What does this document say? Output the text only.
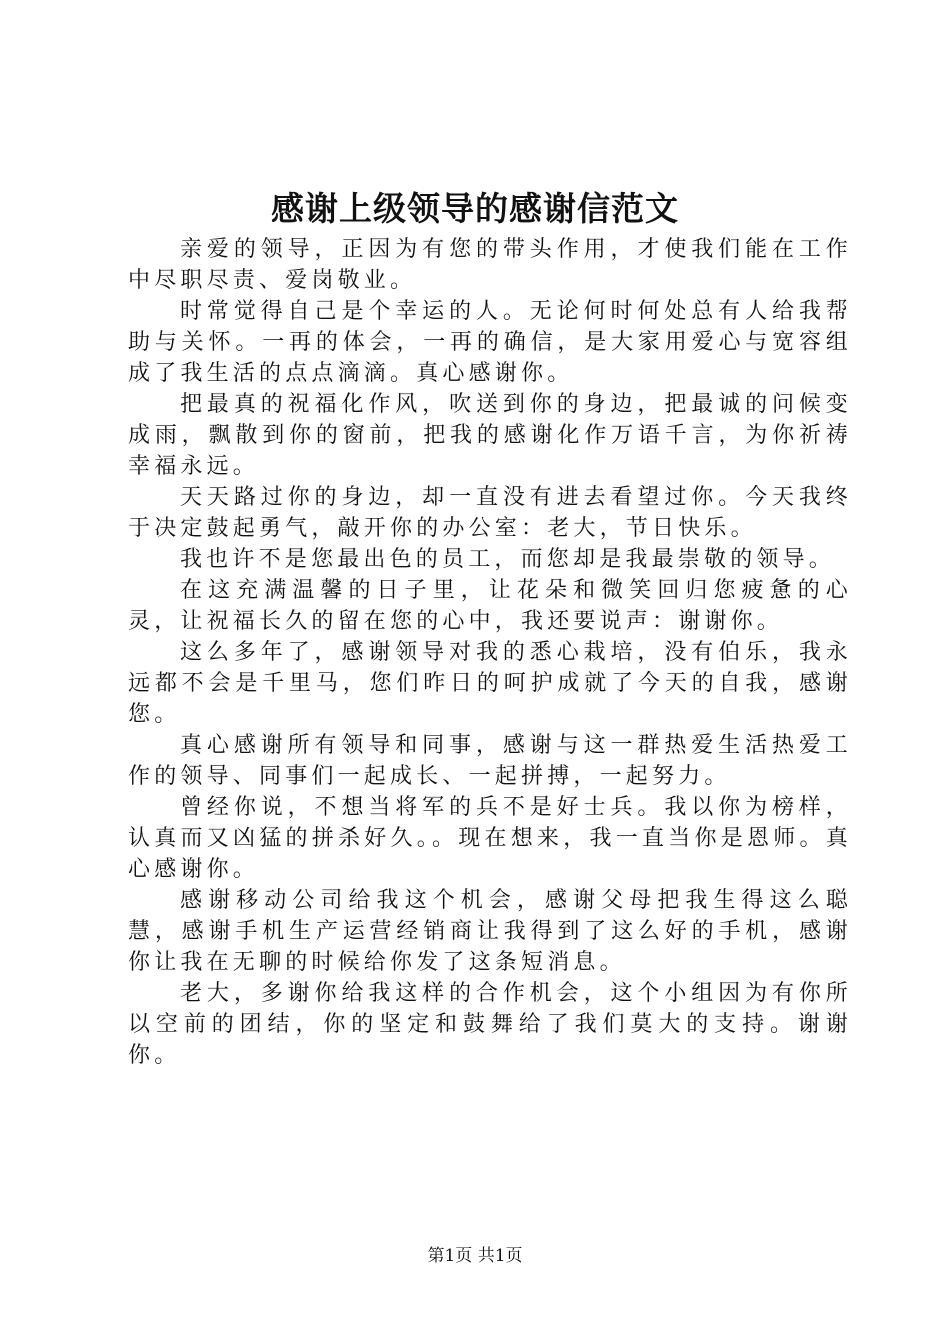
感谢上级领导的感谢信范文

亲爱的领导，正因为有您的带头作用，才使我们能在工作中尽职尽责、爱岗敬业。

时常觉得自己是个幸运的人。无论何时何处总有人给我帮助与关怀。一再的体会，一再的确信，是大家用爱心与宽容组成了我生活的点点滴滴。真心感谢你。

把最真的祝福化作风，吹送到你的身边，把最诚的问候变成雨，飘散到你的窗前，把我的感谢化作万语千言，为你祈祷幸福永远。

天天路过你的身边，却一直没有进去看望过你。今天我终于决定鼓起勇气，敲开你的办公室：老大，节日快乐。

我也许不是您最出色的员工，而您却是我最崇敬的领导。

在这充满温馨的日子里，让花朵和微笑回归您疲惫的心灵，让祝福长久的留在您的心中，我还要说声：谢谢你。

这么多年了，感谢领导对我的悉心栽培，没有伯乐，我永远都不会是千里马，您们昨日的呵护成就了今天的自我，感谢您。

真心感谢所有领导和同事，感谢与这一群热爱生活热爱工作的领导、同事们一起成长、一起拼搏，一起努力。

曾经你说，不想当将军的兵不是好士兵。我以你为榜样，认真而又凶猛的拼杀好久。。现在想来，我一直当你是恩师。真心感谢你。

感谢移动公司给我这个机会，感谢父母把我生得这么聪慧，感谢手机生产运营经销商让我得到了这么好的手机，感谢你让我在无聊的时候给你发了这条短消息。

老大，多谢你给我这样的合作机会，这个小组因为有你所以空前的团结，你的坚定和鼓舞给了我们莫大的支持。谢谢你。

第1页 共1页
